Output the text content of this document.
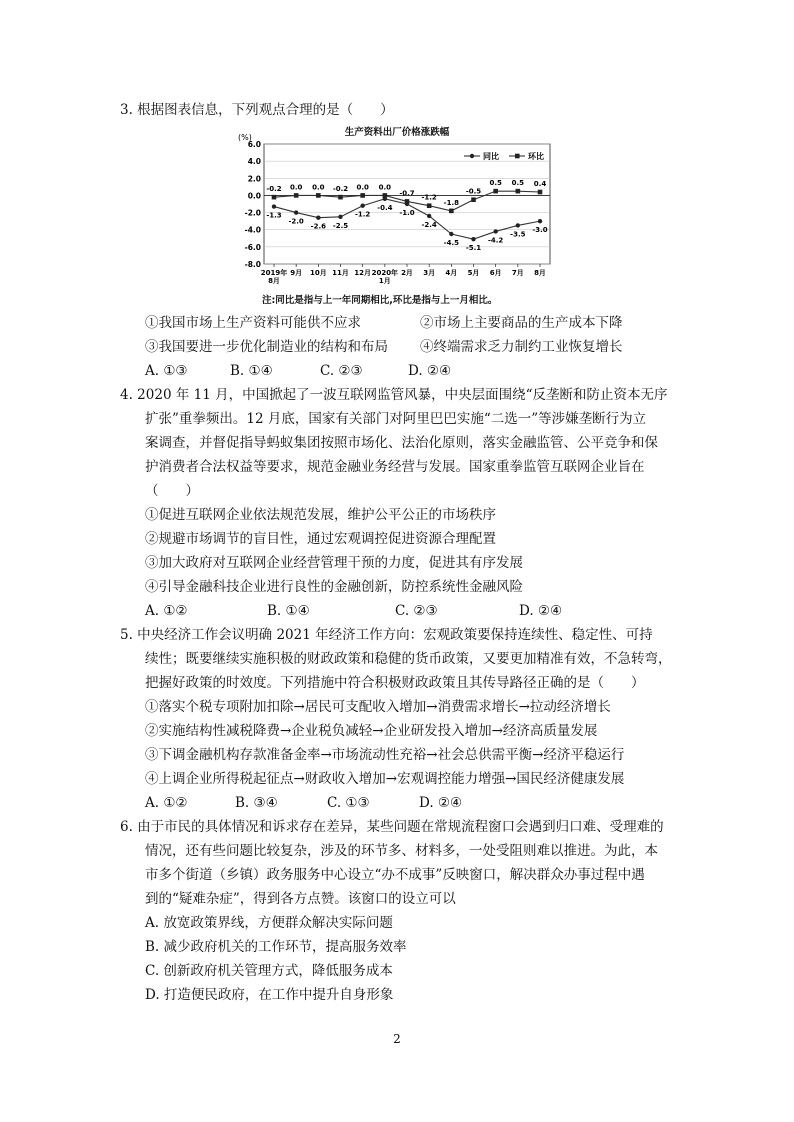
3. 根据图表信息，下列观点合理的是（　　）
生产资料出厂价格涨跌幅
(%)
6.0
4.0
2.0
0.0
-2.0
-4.0
-6.0
-8.0
2019年
8月
9月 10月 11月 12月 2020年
1月
2月 3月 4月 5月 6月 7月 8月
-1.3
-2.0
-2.6 -2.5
-1.2
-0.4
-1.0
-2.4
-4.5
-5.1
-4.2
-3.5
-3.0
-0.2 0.0 0.0 -0.2 0.0 0.0
-0.7
-1.2
-1.8
-0.5
0.5 0.5 0.4
同比	环比
注:同比是指与上一年同期相比,环比是指与上一月相比。
①我国市场上生产资料可能供不应求	②市场上主要商品的生产成本下降
③我国要进一步优化制造业的结构和布局 ④终端需求乏力制约工业恢复增长
A. ①③	B. ①④	C. ②③	D. ②④
4. 2020 年 11 月，中国掀起了一波互联网监管风暴，中央层面围绕“反垄断和防止资本无序
扩张”重拳频出。12 月底，国家有关部门对阿里巴巴实施“二选一”等涉嫌垄断行为立
案调查，并督促指导蚂蚁集团按照市场化、法治化原则，落实金融监管、公平竞争和保
护消费者合法权益等要求，规范金融业务经营与发展。国家重拳监管互联网企业旨在
（　　）
①促进互联网企业依法规范发展，维护公平公正的市场秩序
②规避市场调节的盲目性，通过宏观调控促进资源合理配置
③加大政府对互联网企业经营管理干预的力度，促进其有序发展
④引导金融科技企业进行良性的金融创新，防控系统性金融风险
A. ①②	B. ①④	C. ②③	D. ②④
5. 中央经济工作会议明确 2021 年经济工作方向：宏观政策要保持连续性、稳定性、可持
续性；既要继续实施积极的财政政策和稳健的货币政策，又要更加精准有效，不急转弯，
把握好政策的时效度。下列措施中符合积极财政政策且其传导路径正确的是（　　）
①落实个税专项附加扣除→居民可支配收入增加→消费需求增长→拉动经济增长
②实施结构性减税降费→企业税负减轻→企业研发投入增加→经济高质量发展
③下调金融机构存款准备金率→市场流动性充裕→社会总供需平衡→经济平稳运行
④上调企业所得税起征点→财政收入增加→宏观调控能力增强→国民经济健康发展
A. ①②	B. ③④	C. ①③	D. ②④
6. 由于市民的具体情况和诉求存在差异，某些问题在常规流程窗口会遇到归口难、受理难的
情况，还有些问题比较复杂，涉及的环节多、材料多，一处受阻则难以推进。为此，本
市多个街道（乡镇）政务服务中心设立“办不成事”反映窗口，解决群众办事过程中遇
到的“疑难杂症”，得到各方点赞。该窗口的设立可以
A. 放宽政策界线，方便群众解决实际问题
B. 减少政府机关的工作环节，提高服务效率
C. 创新政府机关管理方式，降低服务成本
D. 打造便民政府，在工作中提升自身形象
2
